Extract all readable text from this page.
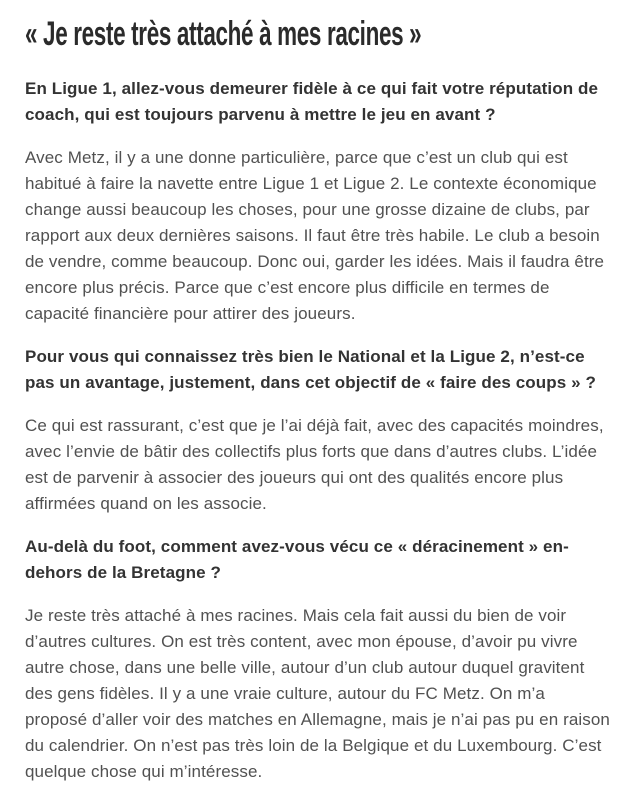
« Je reste très attaché à mes racines »

En Ligue 1, allez-vous demeurer fidèle à ce qui fait votre réputation de coach, qui est toujours parvenu à mettre le jeu en avant ?

Avec Metz, il y a une donne particulière, parce que c’est un club qui est habitué à faire la navette entre Ligue 1 et Ligue 2. Le contexte économique change aussi beaucoup les choses, pour une grosse dizaine de clubs, par rapport aux deux dernières saisons. Il faut être très habile. Le club a besoin de vendre, comme beaucoup. Donc oui, garder les idées. Mais il faudra être encore plus précis. Parce que c’est encore plus difficile en termes de capacité financière pour attirer des joueurs.

Pour vous qui connaissez très bien le National et la Ligue 2, n’est-ce pas un avantage, justement, dans cet objectif de « faire des coups » ?

Ce qui est rassurant, c’est que je l’ai déjà fait, avec des capacités moindres, avec l’envie de bâtir des collectifs plus forts que dans d’autres clubs. L’idée est de parvenir à associer des joueurs qui ont des qualités encore plus affirmées quand on les associe.

Au-delà du foot, comment avez-vous vécu ce « déracinement » en-dehors de la Bretagne ?

Je reste très attaché à mes racines. Mais cela fait aussi du bien de voir d’autres cultures. On est très content, avec mon épouse, d’avoir pu vivre autre chose, dans une belle ville, autour d’un club autour duquel gravitent des gens fidèles. Il y a une vraie culture, autour du FC Metz. On m’a proposé d’aller voir des matches en Allemagne, mais je n’ai pas pu en raison du calendrier. On n’est pas très loin de la Belgique et du Luxembourg. C’est quelque chose qui m’intéresse.
